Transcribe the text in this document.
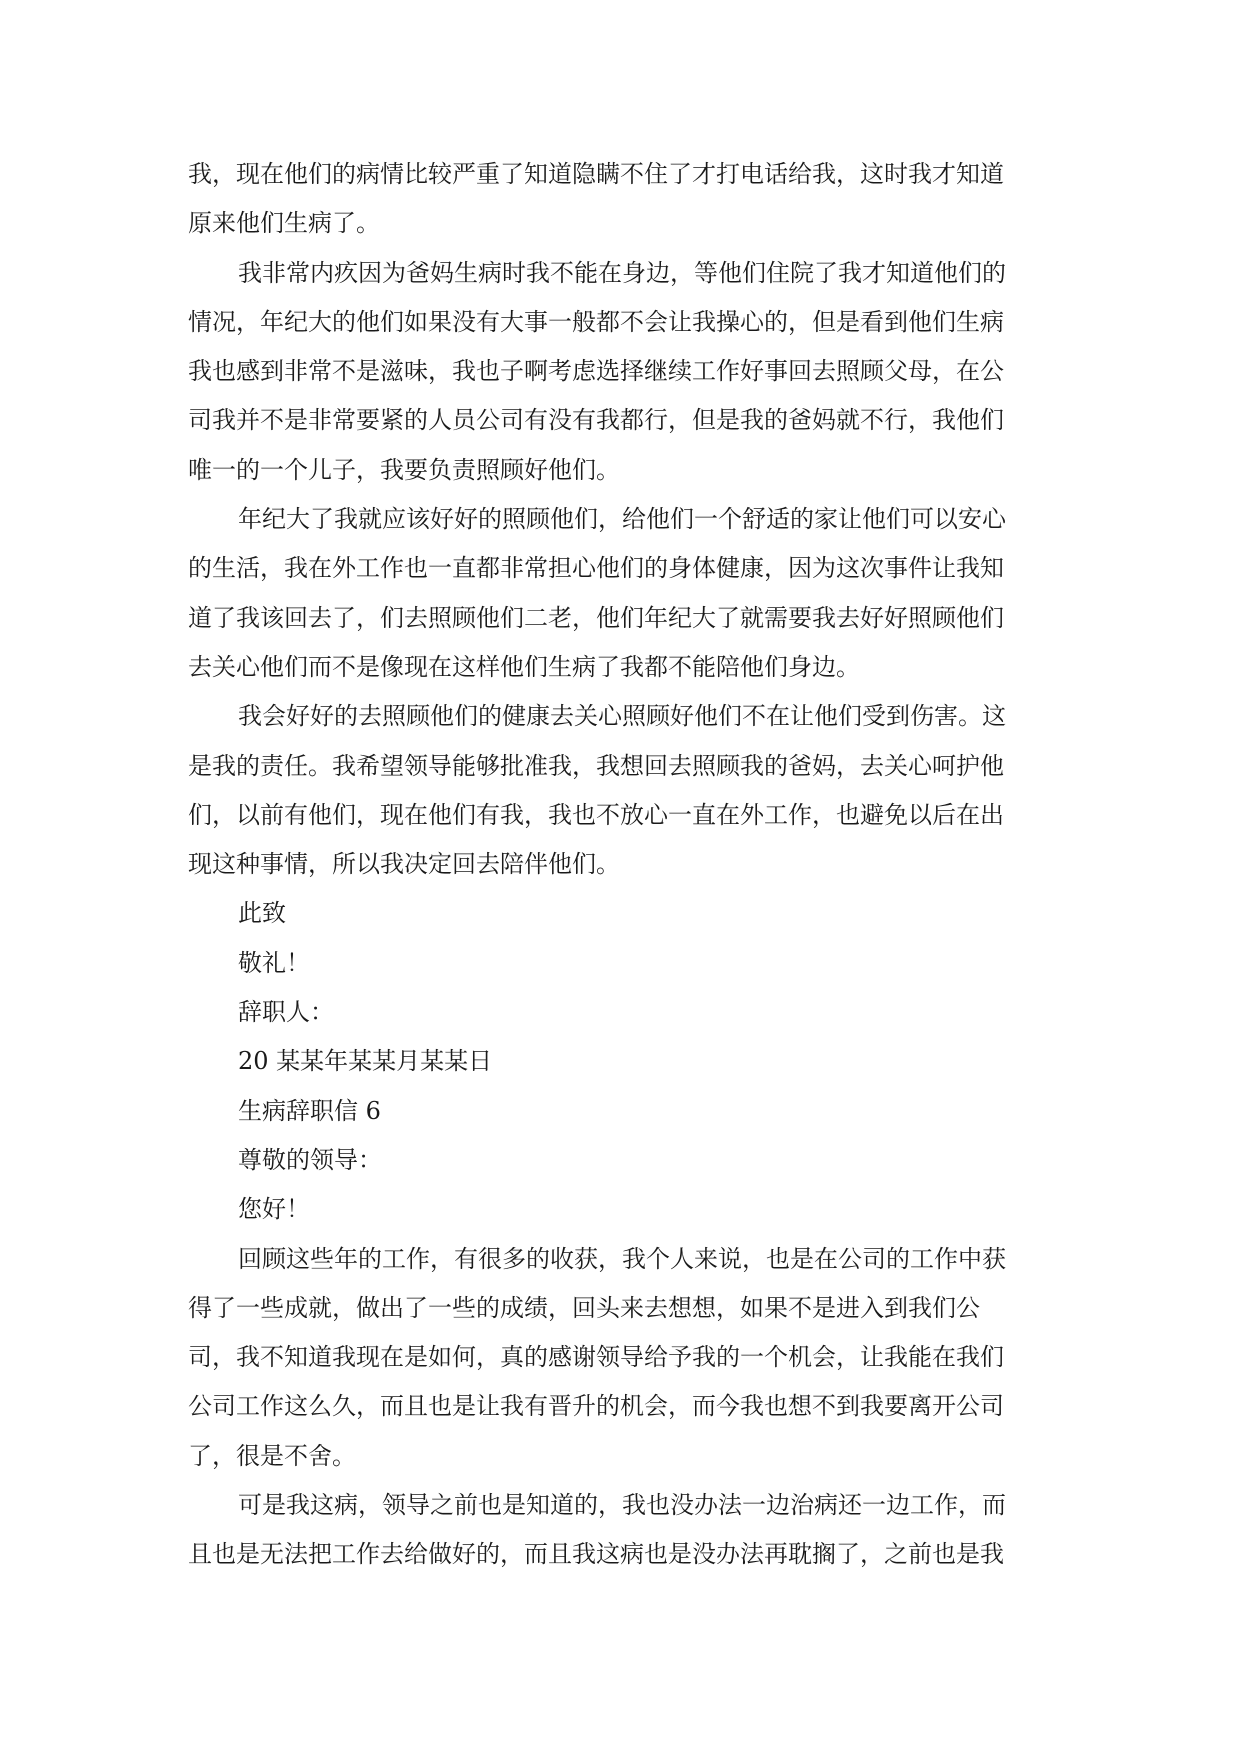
我，现在他们的病情比较严重了知道隐瞒不住了才打电话给我，这时我才知道
原来他们生病了。
我非常内疚因为爸妈生病时我不能在身边，等他们住院了我才知道他们的
情况，年纪大的他们如果没有大事一般都不会让我操心的，但是看到他们生病
我也感到非常不是滋味，我也子啊考虑选择继续工作好事回去照顾父母，在公
司我并不是非常要紧的人员公司有没有我都行，但是我的爸妈就不行，我他们
唯一的一个儿子，我要负责照顾好他们。
年纪大了我就应该好好的照顾他们，给他们一个舒适的家让他们可以安心
的生活，我在外工作也一直都非常担心他们的身体健康，因为这次事件让我知
道了我该回去了，们去照顾他们二老，他们年纪大了就需要我去好好照顾他们
去关心他们而不是像现在这样他们生病了我都不能陪他们身边。
我会好好的去照顾他们的健康去关心照顾好他们不在让他们受到伤害。这
是我的责任。我希望领导能够批准我，我想回去照顾我的爸妈，去关心呵护他
们，以前有他们，现在他们有我，我也不放心一直在外工作，也避免以后在出
现这种事情，所以我决定回去陪伴他们。
此致
敬礼！
辞职人：
20 某某年某某月某某日
生病辞职信 6
尊敬的领导：
您好！
回顾这些年的工作，有很多的收获，我个人来说，也是在公司的工作中获
得了一些成就，做出了一些的成绩，回头来去想想，如果不是进入到我们公
司，我不知道我现在是如何，真的感谢领导给予我的一个机会，让我能在我们
公司工作这么久，而且也是让我有晋升的机会，而今我也想不到我要离开公司
了，很是不舍。
可是我这病，领导之前也是知道的，我也没办法一边治病还一边工作，而
且也是无法把工作去给做好的，而且我这病也是没办法再耽搁了，之前也是我
